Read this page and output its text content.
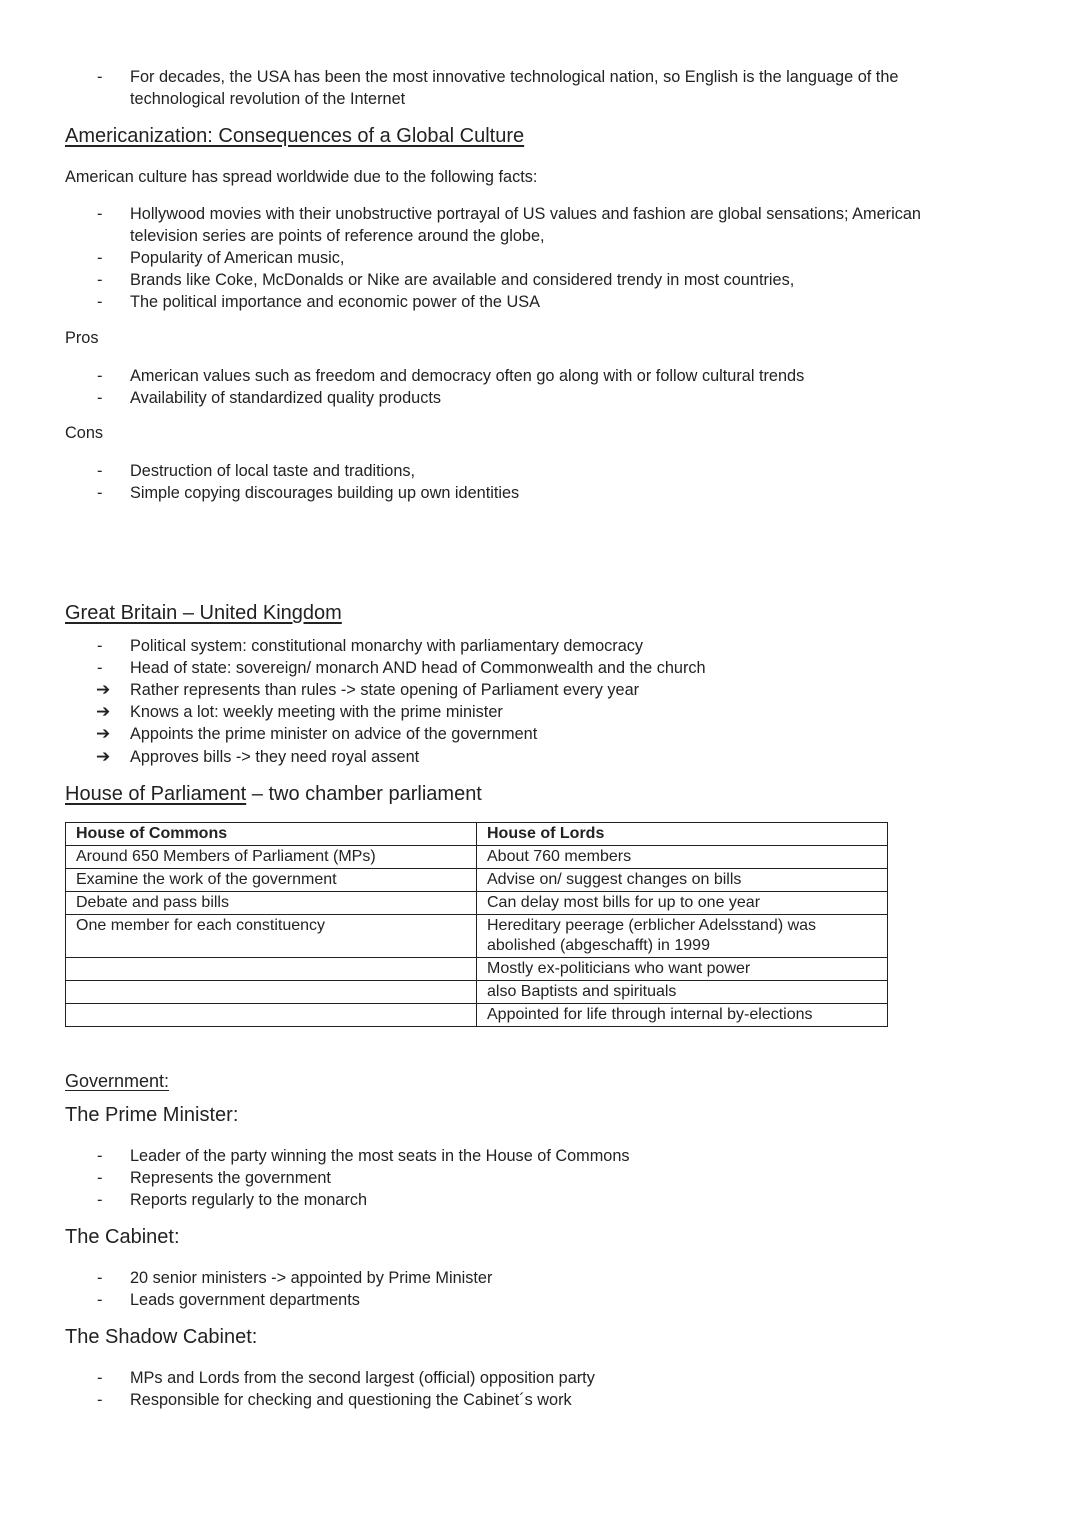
- For decades, the USA has been the most innovative technological nation, so English is the language of the
technological revolution of the Internet
Americanization: Consequences of a Global Culture
American culture has spread worldwide due to the following facts:
- Hollywood movies with their unobstructive portrayal of US values and fashion are global sensations; American
television series are points of reference around the globe,
- Popularity of American music,
- Brands like Coke, McDonalds or Nike are available and considered trendy in most countries,
- The political importance and economic power of the USA
Pros
- American values such as freedom and democracy often go along with or follow cultural trends
- Availability of standardized quality products
Cons
- Destruction of local taste and traditions,
- Simple copying discourages building up own identities
Great Britain – United Kingdom
- Political system: constitutional monarchy with parliamentary democracy
- Head of state: sovereign/ monarch AND head of Commonwealth and the church
➔ Rather represents than rules -> state opening of Parliament every year
➔ Knows a lot: weekly meeting with the prime minister
➔ Appoints the prime minister on advice of the government
➔ Approves bills -> they need royal assent
House of Parliament – two chamber parliament
House of Commons	House of Lords
Around 650 Members of Parliament (MPs)	About 760 members
Examine the work of the government	Advise on/ suggest changes on bills
Debate and pass bills	Can delay most bills for up to one year
One member for each constituency	Hereditary peerage (erblicher Adelsstand) was abolished (abgeschafft) in 1999
	Mostly ex-politicians who want power
	also Baptists and spirituals
	Appointed for life through internal by-elections
Government:
The Prime Minister:
- Leader of the party winning the most seats in the House of Commons
- Represents the government
- Reports regularly to the monarch
The Cabinet:
- 20 senior ministers -> appointed by Prime Minister
- Leads government departments
The Shadow Cabinet:
- MPs and Lords from the second largest (official) opposition party
- Responsible for checking and questioning the Cabinet´s work
